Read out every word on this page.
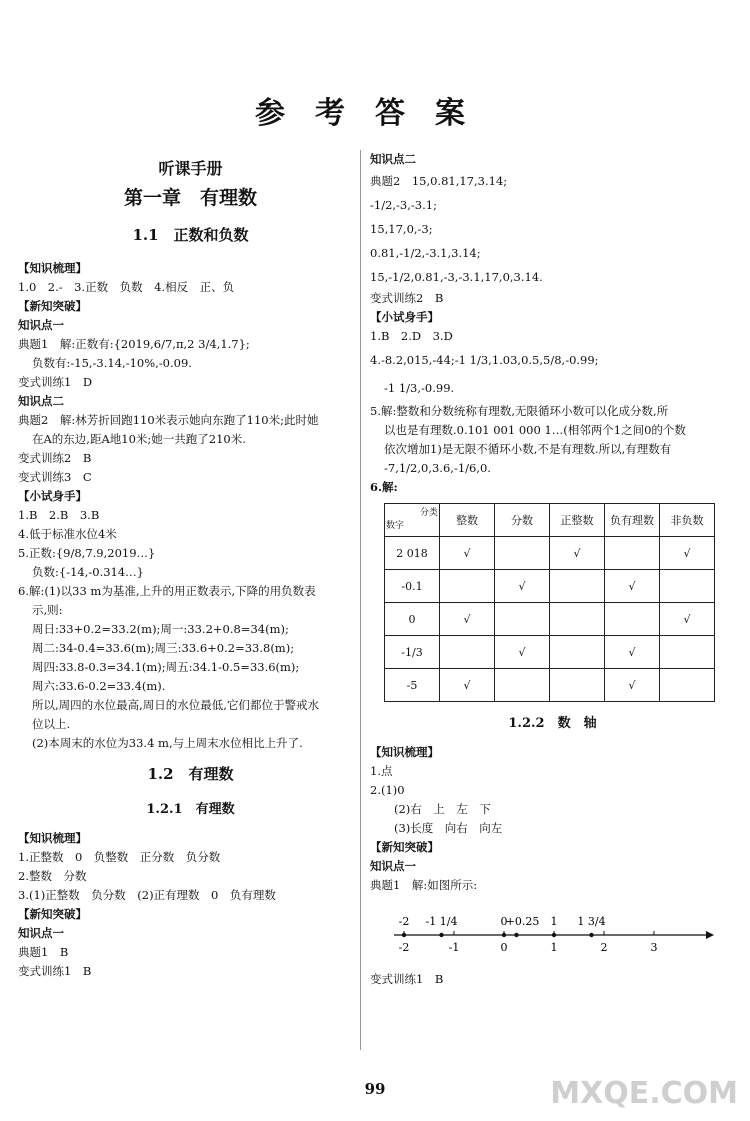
参考答案
听课手册
第一章　有理数
1.1　正数和负数
【知识梳理】
1.0　2.-　3.正数　负数　4.相反　正、负
【新知突破】
知识点一
典题1　解:正数有:{2019,6/7,π,2 3/4,1.7};
负数有:-15,-3.14,-10%,-0.09.
变式训练1　D
知识点二
典题2　解:林芳折回跑110米表示她向东跑了110米;此时她
在A的东边,距A地10米;她一共跑了210米.
变式训练2　B
变式训练3　C
【小试身手】
1.B　2.B　3.B
4.低于标准水位4米
5.正数:{9/8,7.9,2019…}
负数:{-14,-0.314…}
6.解:(1)以33 m为基准,上升的用正数表示,下降的用负数表
示,则:
周日:33+0.2=33.2(m);周一:33.2+0.8=34(m);
周二:34-0.4=33.6(m);周三:33.6+0.2=33.8(m);
周四:33.8-0.3=34.1(m);周五:34.1-0.5=33.6(m);
周六:33.6-0.2=33.4(m).
所以,周四的水位最高,周日的水位最低,它们都位于警戒水
位以上.
(2)本周末的水位为33.4 m,与上周末水位相比上升了.
1.2　有理数
1.2.1　有理数
【知识梳理】
1.正整数　0　负整数　正分数　负分数
2.整数　分数
3.(1)正整数　负分数　(2)正有理数　0　负有理数
【新知突破】
知识点一
典题1　B
变式训练1　B
知识点二
典题2　15,0.81,17,3.14;
-1/2,-3,-3.1;
15,17,0,-3;
0.81,-1/2,-3.1,3.14;
15,-1/2,0.81,-3,-3.1,17,0,3.14.
变式训练2　B
【小试身手】
1.B　2.D　3.D
4.-8.2,015,-44;-1 1/3,1.03,0.5,5/8,-0.99;
-1 1/3,-0.99.
5.解:整数和分数统称有理数,无限循环小数可以化成分数,所
以也是有理数.0.101 001 000 1…(相邻两个1之间0的个数
依次增加1)是无限不循环小数,不是有理数.所以,有理数有
-7,1/2,0,3.6,-1/6,0.
6.解:
分类
数字	整数	分数	正整数	负有理数	非负数
2 018	√		√		√
-0.1		√		√	
0	√				√
-1/3		√		√	
-5	√			√	
1.2.2　数　轴
【知识梳理】
1.点
2.(1)0
(2)右　上　左　下
(3)长度　向右　向左
【新知突破】
知识点一
典题1　解:如图所示:
-2	-1	0	1	2	3
-2 -1 1/4	0
+0.25 1 1 3/4
变式训练1　B
99	MXQE.COM
